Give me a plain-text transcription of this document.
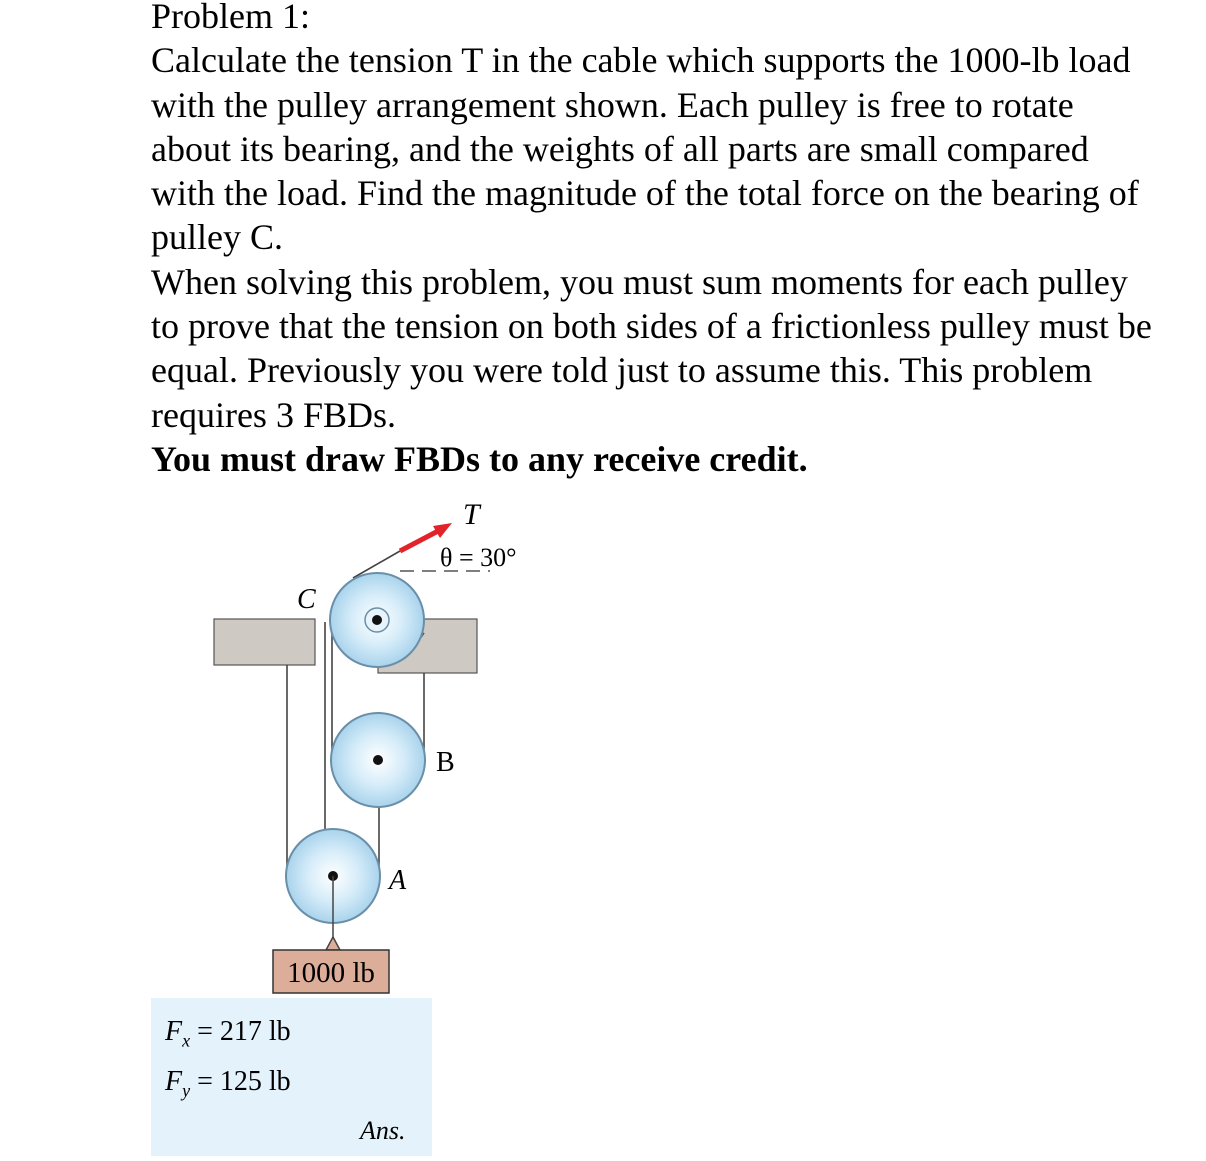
Problem 1:

Calculate the tension T in the cable which supports the 1000-lb load with the pulley arrangement shown. Each pulley is free to rotate about its bearing, and the weights of all parts are small compared with the load. Find the magnitude of the total force on the bearing of pulley C.

When solving this problem, you must sum moments for each pulley to prove that the tension on both sides of a frictionless pulley must be equal. Previously you were told just to assume this. This problem requires 3 FBDs.

You must draw FBDs to any receive credit.

1000 lb
T
θ = 30°
C
B
A
$F_x = 217$ lb
$F_y = 125$ lb
Ans.
